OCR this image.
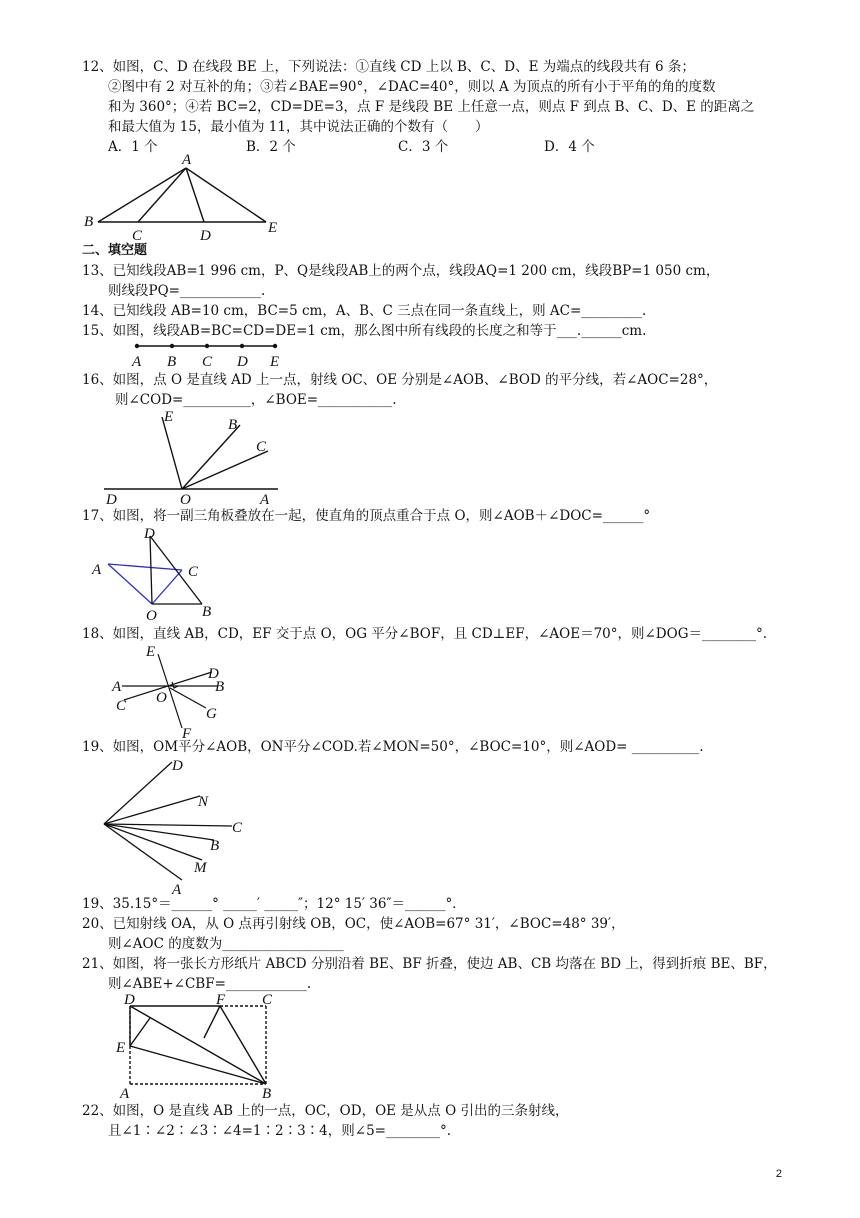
12、如图，C、D 在线段 BE 上，下列说法：①直线 CD 上以 B、C、D、E 为端点的线段共有 6 条；
②图中有 2 对互补的角；③若∠BAE=90°，∠DAC=40°，则以 A 为顶点的所有小于平角的角的度数
和为 360°；④若 BC=2，CD=DE=3，点 F 是线段 BE 上任意一点，则点 F 到点 B、C、D、E 的距离之
和最大值为 15，最小值为 11，其中说法正确的个数有（　　）
A．1 个	B．2 个	C．3 个	D．4 个
A
B
C	D	E
二、填空题
13、已知线段AB=1 996 cm，P、Q是线段AB上的两个点，线段AQ=1 200 cm，线段BP=1 050 cm，
则线段PQ=____________.
14、已知线段 AB=10 cm，BC=5 cm，A、B、C 三点在同一条直线上，则 AC=_________.
15、如图，线段AB=BC=CD=DE=1 cm，那么图中所有线段的长度之和等于___.______cm.
A B C D E
16、如图，点 O 是直线 AD 上一点，射线 OC、OE 分别是∠AOB、∠BOD 的平分线，若∠AOC=28°，
则∠COD=__________，∠BOE=___________.
E	B
C
D	O	A
17、如图，将一副三角板叠放在一起，使直角的顶点重合于点 O，则∠AOB＋∠DOC=______°
D
A	C
O	B
18、如图，直线 AB，CD，EF 交于点 O，OG 平分∠BOF，且 CD⊥EF，∠AOE＝70°，则∠DOG＝________°.
E
D
A	B
C O
G
F
19、如图，OM平分∠AOB，ON平分∠COD.若∠MON=50°，∠BOC=10°，则∠AOD= __________.
D
N
C
B
M
A
19、35.15°＝______° _____′ _____″；12° 15′ 36″＝______°．
20、已知射线 OA，从 O 点再引射线 OB，OC，使∠AOB=67° 31′，∠BOC=48° 39′，
则∠AOC 的度数为__________________
21、如图，将一张长方形纸片 ABCD 分别沿着 BE、BF 折叠，使边 AB、CB 均落在 BD 上，得到折痕 BE、BF，
则∠ABE+∠CBF=____________.
D	F C
E
A	B
22、如图，O 是直线 AB 上的一点，OC，OD，OE 是从点 O 引出的三条射线，
且∠1∶∠2∶∠3∶∠4=1∶2∶3∶4，则∠5=________°.
2
